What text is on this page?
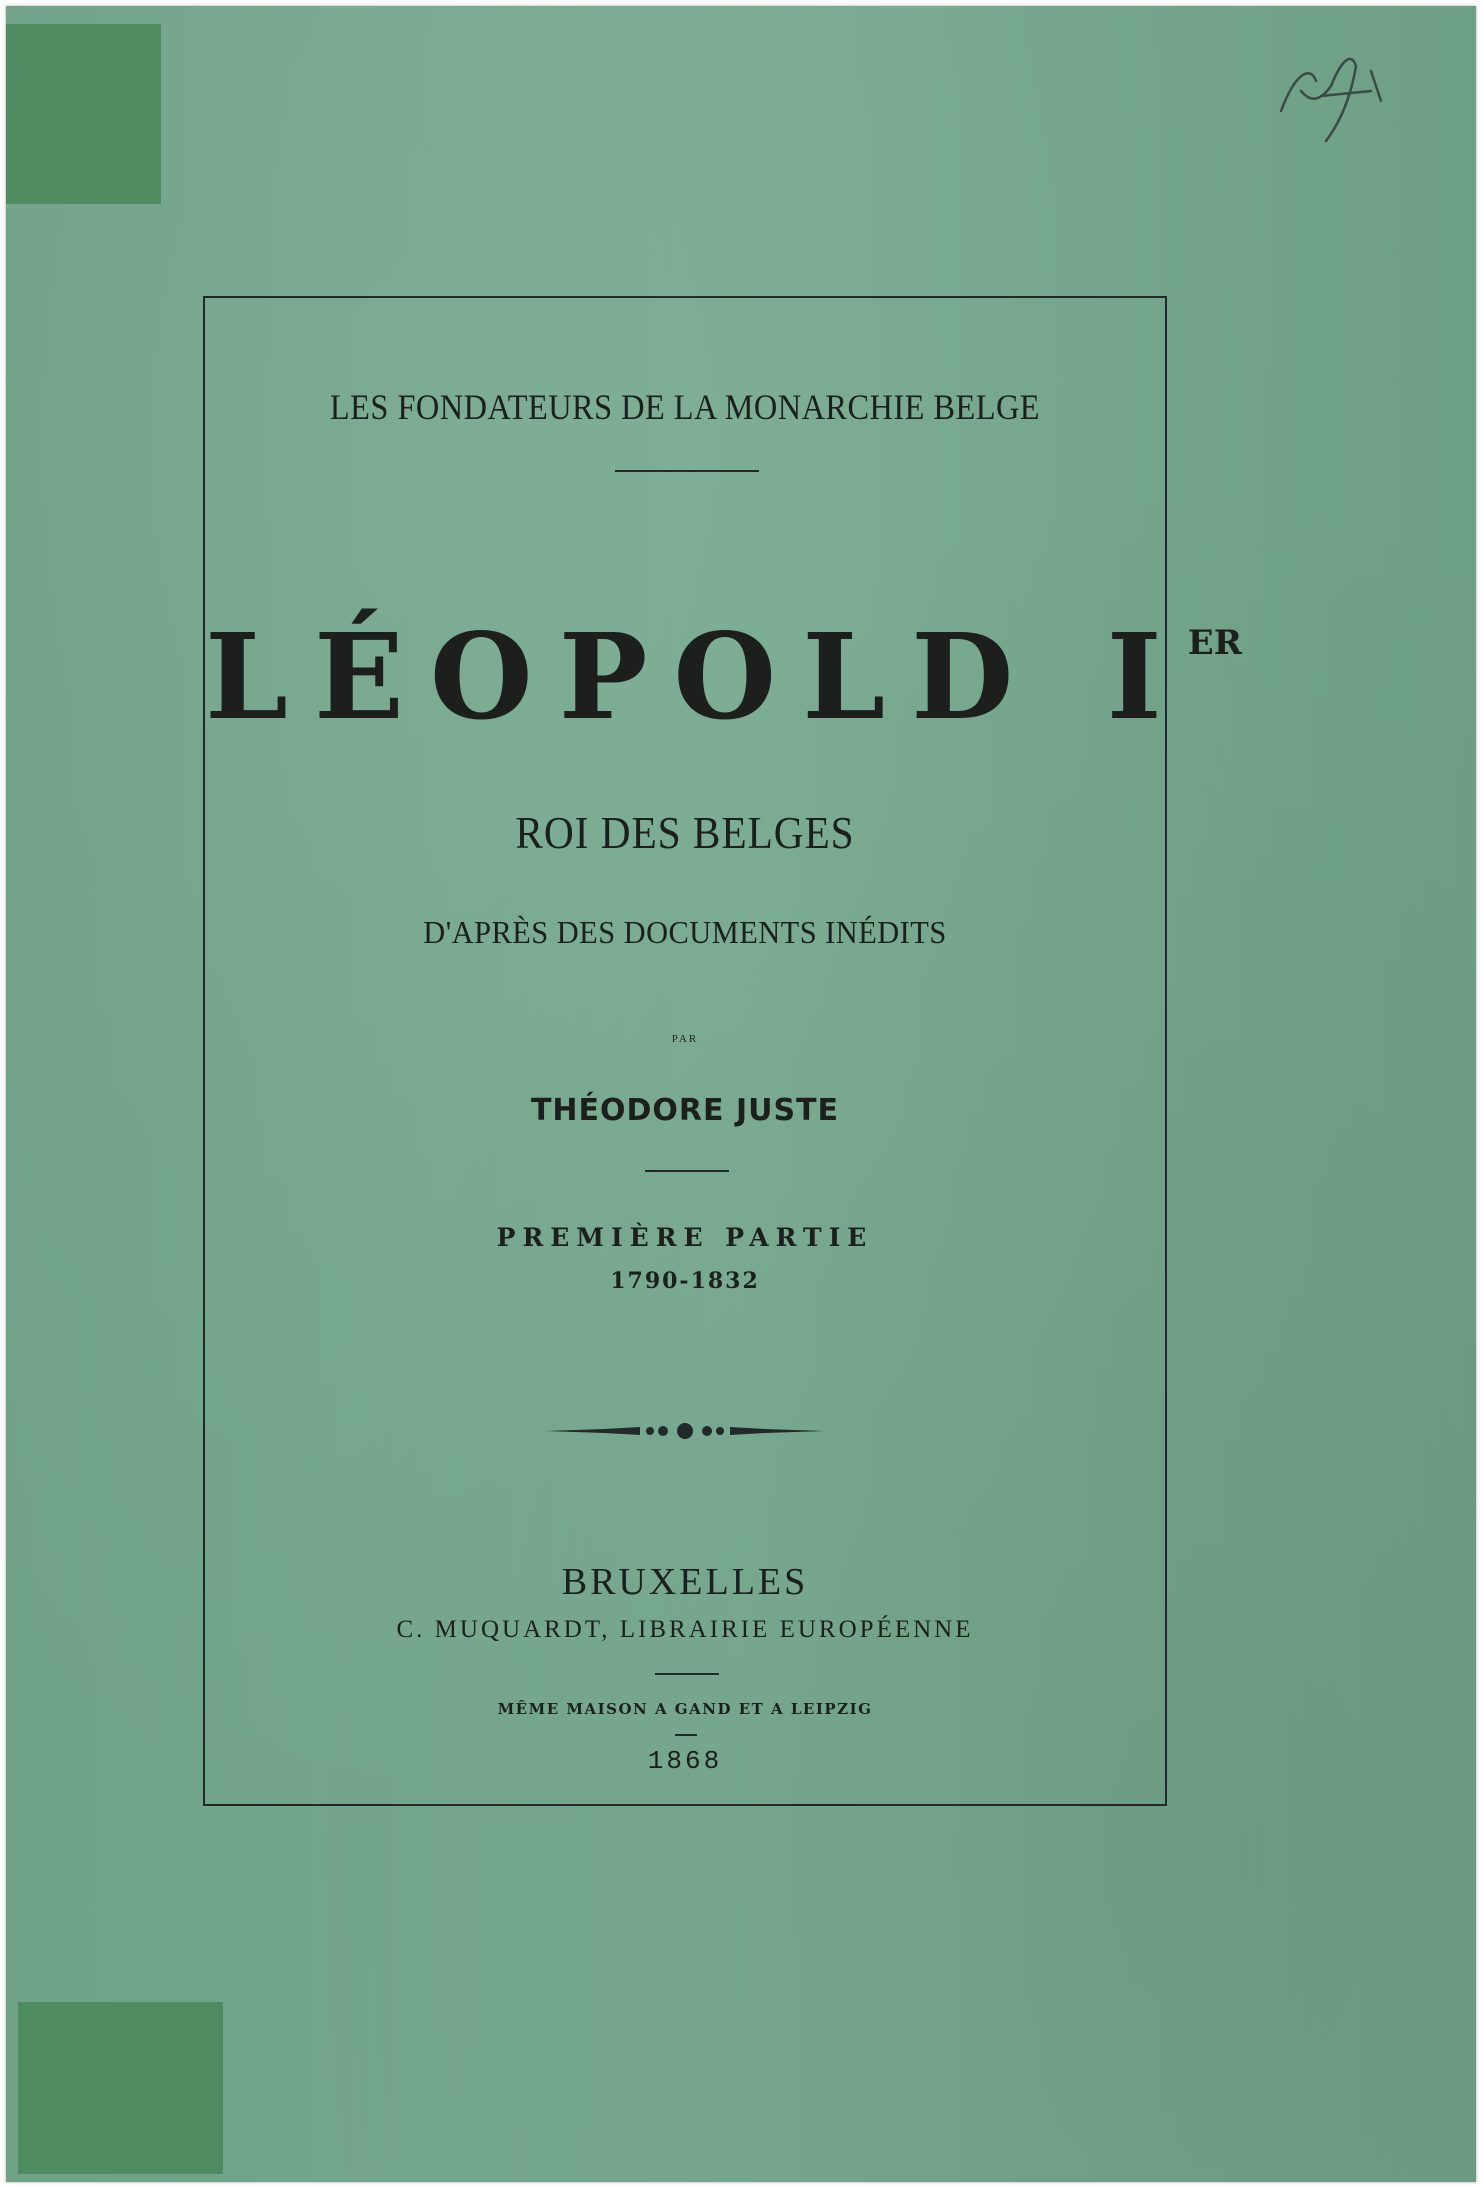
LES FONDATEURS DE LA MONARCHIE BELGE
LÉOPOLD IER
ROI DES BELGES
D'APRÈS DES DOCUMENTS INÉDITS
PAR
THÉODORE JUSTE
PREMIÈRE PARTIE
1790-1832
BRUXELLES
C. MUQUARDT, LIBRAIRIE EUROPÉENNE
MÊME MAISON A GAND ET A LEIPZIG
1868
